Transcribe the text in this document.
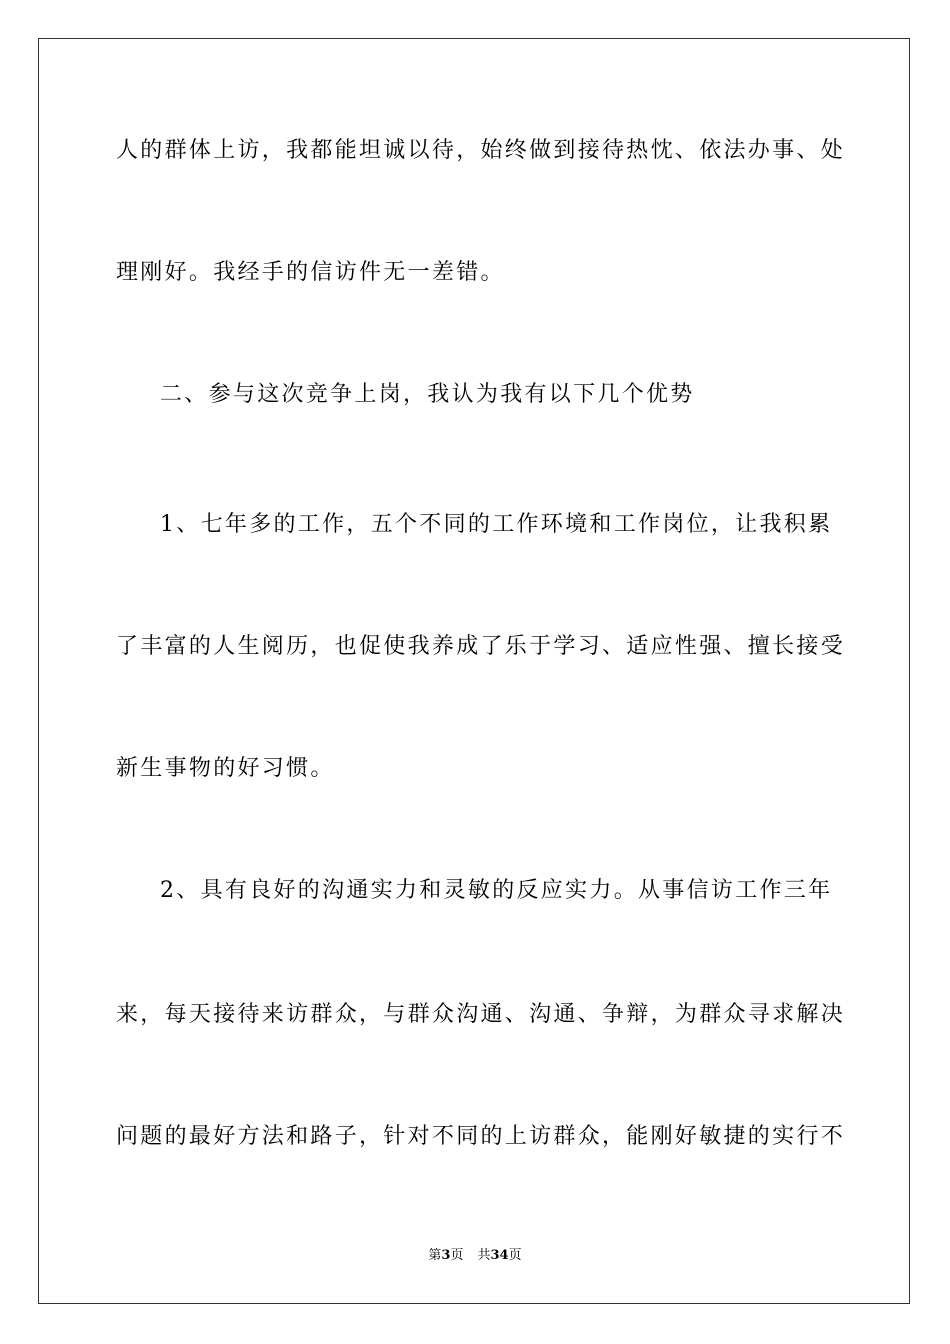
人的群体上访，我都能坦诚以待，始终做到接待热忱、依法办事、处
理刚好。我经手的信访件无一差错。
二、参与这次竞争上岗，我认为我有以下几个优势
1、七年多的工作，五个不同的工作环境和工作岗位，让我积累
了丰富的人生阅历，也促使我养成了乐于学习、适应性强、擅长接受
新生事物的好习惯。
2、具有良好的沟通实力和灵敏的反应实力。从事信访工作三年
来，每天接待来访群众，与群众沟通、沟通、争辩，为群众寻求解决
问题的最好方法和路子，针对不同的上访群众，能刚好敏捷的实行不
第3页 共34页
